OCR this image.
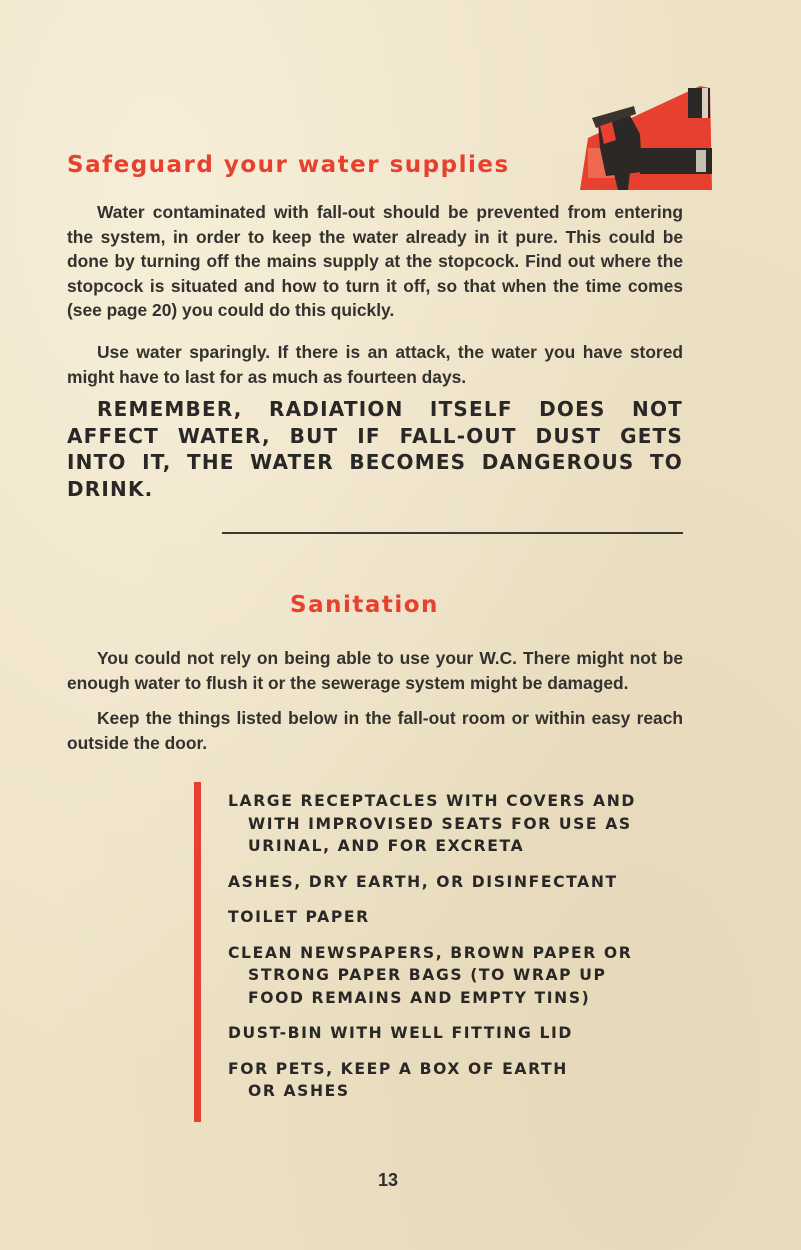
Safeguard your water supplies

Water contaminated with fall-out should be prevented from entering the system, in order to keep the water already in it pure. This could be done by turning off the mains supply at the stopcock. Find out where the stopcock is situated and how to turn it off, so that when the time comes (see page 20) you could do this quickly.

Use water sparingly. If there is an attack, the water you have stored might have to last for as much as fourteen days.

REMEMBER, RADIATION ITSELF DOES NOT AFFECT WATER, BUT IF FALL-OUT DUST GETS INTO IT, THE WATER BECOMES DANGEROUS TO DRINK.

Sanitation

You could not rely on being able to use your W.C. There might not be enough water to flush it or the sewerage system might be damaged.

Keep the things listed below in the fall-out room or within easy reach outside the door.

LARGE RECEPTACLES WITH COVERS AND
WITH IMPROVISED SEATS FOR USE AS
URINAL, AND FOR EXCRETA
ASHES, DRY EARTH, OR DISINFECTANT
TOILET PAPER
CLEAN NEWSPAPERS, BROWN PAPER OR
STRONG PAPER BAGS (TO WRAP UP
FOOD REMAINS AND EMPTY TINS)
DUST-BIN WITH WELL FITTING LID
FOR PETS, KEEP A BOX OF EARTH
OR ASHES

13
